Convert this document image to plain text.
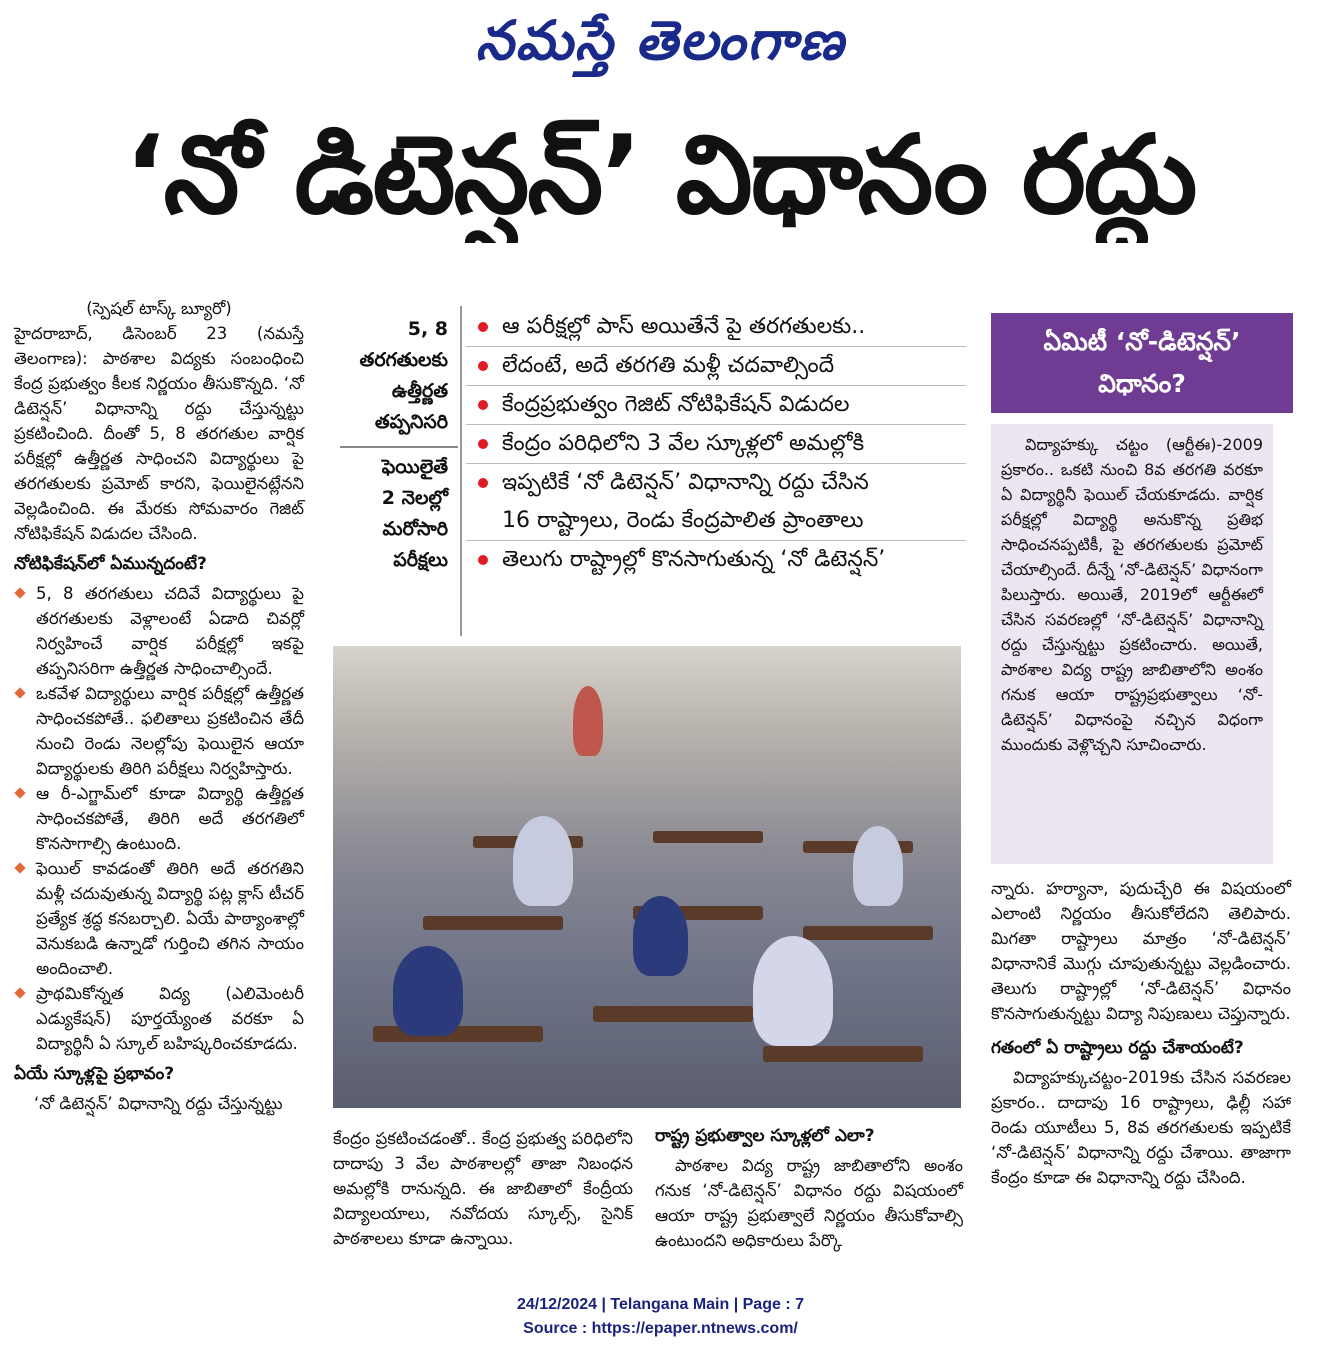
నమస్తే తెలంగాణ
‘నో డిటెన్షన్’ విధానం రద్దు

(స్పెషల్ టాస్క్ బ్యూరో)

హైదరాబాద్, డిసెంబర్ 23 (నమస్తే తెలంగాణ): పాఠశాల విద్యకు సంబంధించి కేంద్ర ప్రభుత్వం కీలక నిర్ణయం తీసుకొన్నది. ‘నో డిటెన్షన్’ విధానాన్ని రద్దు చేస్తున్నట్టు ప్రకటించింది. దీంతో 5, 8 తరగతుల వార్షిక పరీక్షల్లో ఉత్తీర్ణత సాధించని విద్యార్థులు పై తరగతులకు ప్రమోట్ కారని, ఫెయిలైనట్లేనని వెల్లడించింది. ఈ మేరకు సోమవారం గెజిట్ నోటిఫికేషన్ విడుదల చేసింది.

నోటిఫికేషన్‌లో ఏమున్నదంటే?

5, 8 తరగతులు చదివే విద్యార్థులు పై తరగతులకు వెళ్లాలంటే ఏడాది చివర్లో నిర్వహించే వార్షిక పరీక్షల్లో ఇకపై తప్పనిసరిగా ఉత్తీర్ణత సాధించాల్సిందే.

ఒకవేళ విద్యార్థులు వార్షిక పరీక్షల్లో ఉత్తీర్ణత సాధించకపోతే.. ఫలితాలు ప్రకటించిన తేదీ నుంచి రెండు నెలల్లోపు ఫెయిలైన ఆయా విద్యార్థులకు తిరిగి పరీక్షలు నిర్వహిస్తారు.

ఆ రీ-ఎగ్జామ్‌లో కూడా విద్యార్థి ఉత్తీర్ణత సాధించకపోతే, తిరిగి అదే తరగతిలో కొనసాగాల్సి ఉంటుంది.

ఫెయిల్ కావడంతో తిరిగి అదే తరగతిని మళ్లీ చదువుతున్న విద్యార్థి పట్ల క్లాస్ టీచర్ ప్రత్యేక శ్రద్ధ కనబర్చాలి. ఏయే పాఠ్యాంశాల్లో వెనుకబడి ఉన్నాడో గుర్తించి తగిన సాయం అందించాలి.

ప్రాథమికోన్నత విద్య (ఎలిమెంటరీ ఎడ్యుకేషన్) పూర్తయ్యేంత వరకూ ఏ విద్యార్థినీ ఏ స్కూల్ బహిష్కరించకూడదు.

ఏయే స్కూళ్లపై ప్రభావం?

‘నో డిటెన్షన్’ విధానాన్ని రద్దు చేస్తున్నట్టు

5, 8
తరగతులకు
ఉత్తీర్ణత
తప్పనిసరి
ఫెయిలైతే
2 నెలల్లో
మరోసారి
పరీక్షలు
ఆ పరీక్షల్లో పాస్ అయితేనే పై తరగతులకు..
లేదంటే, అదే తరగతి మళ్లీ చదవాల్సిందే
కేంద్రప్రభుత్వం గెజిట్ నోటిఫికేషన్ విడుదల
కేంద్రం పరిధిలోని 3 వేల స్కూళ్లలో అమల్లోకి
ఇప్పటికే ‘నో డిటెన్షన్’ విధానాన్ని రద్దు చేసిన
16 రాష్ట్రాలు, రెండు కేంద్రపాలిత ప్రాంతాలు
తెలుగు రాష్ట్రాల్లో కొనసాగుతున్న ‘నో డిటెన్షన్’
ఏమిటీ ‘నో-డిటెన్షన్’ విధానం?
విద్యాహక్కు చట్టం (ఆర్టీఈ)-2009 ప్రకారం.. ఒకటి నుంచి 8వ తరగతి వరకూ ఏ విద్యార్థినీ ఫెయిల్ చేయకూడదు. వార్షిక పరీక్షల్లో విద్యార్థి అనుకొన్న ప్రతిభ సాధించనప్పటికీ, పై తరగతులకు ప్రమోట్ చేయాల్సిందే. దీన్నే ‘నో-డిటెన్షన్’ విధానంగా పిలుస్తారు. అయితే, 2019లో ఆర్టీఈలో చేసిన సవరణల్లో ‘నో-డిటెన్షన్’ విధానాన్ని రద్దు చేస్తున్నట్టు ప్రకటించారు. అయితే, పాఠశాల విద్య రాష్ట్ర జాబితాలోని అంశం గనుక ఆయా రాష్ట్రప్రభుత్వాలు ‘నో-డిటెన్షన్’ విధానంపై నచ్చిన విధంగా ముందుకు వెళ్లొచ్చని సూచించారు.

న్నారు. హర్యానా, పుదుచ్చేరి ఈ విషయంలో ఎలాంటి నిర్ణయం తీసుకోలేదని తెలిపారు. మిగతా రాష్ట్రాలు మాత్రం ‘నో-డిటెన్షన్’ విధానానికే మొగ్గు చూపుతున్నట్టు వెల్లడించారు. తెలుగు రాష్ట్రాల్లో ‘నో-డిటెన్షన్’ విధానం కొనసాగుతున్నట్టు విద్యా నిపుణులు చెప్తున్నారు.

గతంలో ఏ రాష్ట్రాలు రద్దు చేశాయంటే?

విద్యాహక్కుచట్టం-2019కు చేసిన సవరణల ప్రకారం.. దాదాపు 16 రాష్ట్రాలు, ఢిల్లీ సహా రెండు యూటీలు 5, 8వ తరగతులకు ఇప్పటికే ‘నో-డిటెన్షన్’ విధానాన్ని రద్దు చేశాయి. తాజాగా కేంద్రం కూడా ఈ విధానాన్ని రద్దు చేసింది.

కేంద్రం ప్రకటించడంతో.. కేంద్ర ప్రభుత్వ పరిధిలోని దాదాపు 3 వేల పాఠశాలల్లో తాజా నిబంధన అమల్లోకి రానున్నది. ఈ జాబితాలో కేంద్రీయ విద్యాలయాలు, నవోదయ స్కూల్స్, సైనిక్ పాఠశాలలు కూడా ఉన్నాయి.

రాష్ట్ర ప్రభుత్వాల స్కూళ్లలో ఎలా?

పాఠశాల విద్య రాష్ట్ర జాబితాలోని అంశం గనుక ‘నో-డిటెన్షన్’ విధానం రద్దు విషయంలో ఆయా రాష్ట్ర ప్రభుత్వాలే నిర్ణయం తీసుకోవాల్సి ఉంటుందని అధికారులు పేర్కొ

24/12/2024 | Telangana Main | Page : 7
Source : https://epaper.ntnews.com/
